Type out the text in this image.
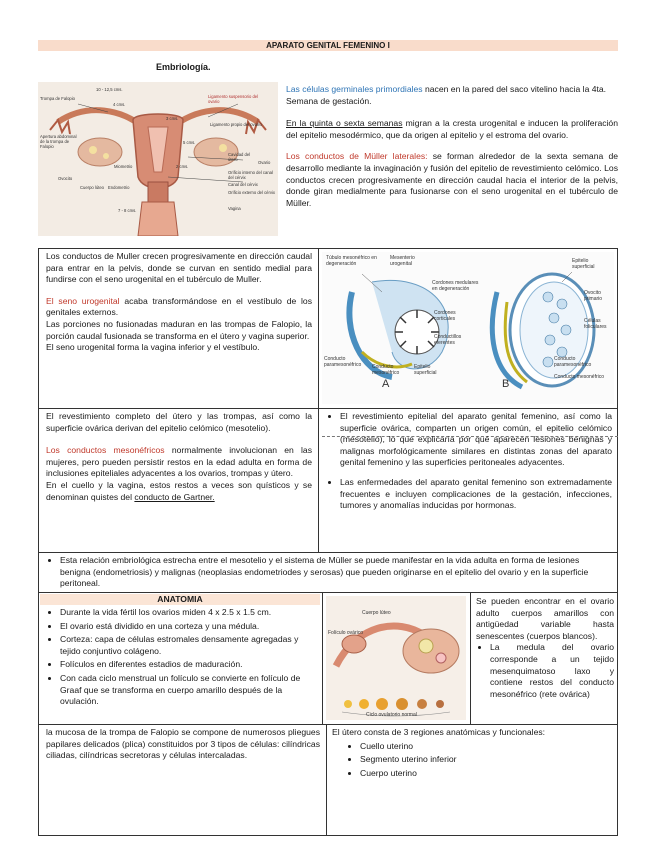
APARATO GENITAL FEMENINO I
Embriología.
Trompa de Falopio
Apertura abdominal de la trompa de Falopio
Ovocito
Cuerpo lúteo Endometrio
Miometrio
Ligamento suspensorio del ovario
Ligamento propio del ovario
Cavidad del útero
Ovario
Orificio interno del canal del cérvix
Canal del cérvix
Orificio externo del cérvix
Vagina
10 - 12,5 cms.
4 cms.
3 cms.
5 cms.
2 cms.
7 - 8 cms.

Las células germinales primordiales nacen en la pared del saco vitelino hacia la 4ta. Semana de gestación.

En la quinta o sexta semanas migran a la cresta urogenital e inducen la proliferación del epitelio mesodérmico, que da origen al epitelio y el estroma del ovario.

Los conductos de Müller laterales: se forman alrededor de la sexta semana de desarrollo mediante la invaginación y fusión del epitelio de revestimiento celómico. Los conductos crecen progresivamente en dirección caudal hacia el interior de la pelvis, donde giran medialmente para fusionarse con el seno urogenital en el tubérculo de Müller.

Los conductos de Muller crecen progresivamente en dirección caudal para entrar en la pelvis, donde se curvan en sentido medial para fundirse con el seno urogenital en el tubérculo de Muller.

El seno urogenital acaba transformándose en el vestíbulo de los genitales externos.

Las porciones no fusionadas maduran en las trompas de Falopio, la porción caudal fusionada se transforma en el útero y vagina superior.

El seno urogenital forma la vagina inferior y el vestíbulo.

Túbulo mesonéfrico en degeneración
Mesenterio urogenital
Cordones medulares en degeneración
Cordones corticales
Conductillos eferentes
Conducto paramesonéfrico	Conducto mesonéfrico
Epitelio superficial
Epitelio superficial
Ovocito primario
Células foliculares
Conducto paramesonéfrico
Conducto mesonéfrico
A	B

El revestimiento completo del útero y las trompas, así como la superficie ovárica derivan del epitelio celómico (mesotelio).

Los conductos mesonéfricos normalmente involucionan en las mujeres, pero pueden persistir restos en la edad adulta en forma de inclusiones epiteliales adyacentes a los ovarios, trompas y útero.

En el cuello y la vagina, estos restos a veces son quísticos y se denominan quistes del conducto de Gartner.

• El revestimiento epitelial del aparato genital femenino, así como la superficie ovárica, comparten un origen común, el epitelio celómico (mesotelio), lo que explicaría por qué aparecen lesiones benignas y malignas morfológicamente similares en distintas zonas del aparato genital femenino y las superficies peritoneales adyacentes.
• Las enfermedades del aparato genital femenino son extremadamente frecuentes e incluyen complicaciones de la gestación, infecciones, tumores y anomalías inducidas por hormonas.
• Esta relación embriológica estrecha entre el mesotelio y el sistema de Müller se puede manifestar en la vida adulta en forma de lesiones benigna (endometriosis) y malignas (neoplasias endometriodes y serosas) que pueden originarse en el epitelio del ovario y en la superficie peritoneal.
ANATOMIA
• Durante la vida fértil los ovarios miden 4 x 2.5 x 1.5 cm.
• El ovario está dividido en una corteza y una médula.
• Corteza: capa de células estromales densamente agregadas y tejido conjuntivo colágeno.
• Folículos en diferentes estadios de maduración.
• Con cada ciclo menstrual un folículo se convierte en folículo de Graaf que se transforma en cuerpo amarillo después de la ovulación.
Cuerpo lúteo
Folículo ovárico
Ciclo ovulatorio normal

Se pueden encontrar en el ovario adulto cuerpos amarillos con antigüedad variable hasta senescentes (cuerpos blancos).

• La medula del ovario corresponde a un tejido mesenquimatoso laxo y contiene restos del conducto mesonéfrico (rete ovárica)

la mucosa de la trompa de Falopio se compone de numerosos pliegues papilares delicados (plica) constituidos por 3 tipos de células: cilíndricas ciliadas, cilíndricas secretoras y células intercaladas.

El útero consta de 3 regiones anatómicas y funcionales:

• Cuello uterino
• Segmento uterino inferior
• Cuerpo uterino
